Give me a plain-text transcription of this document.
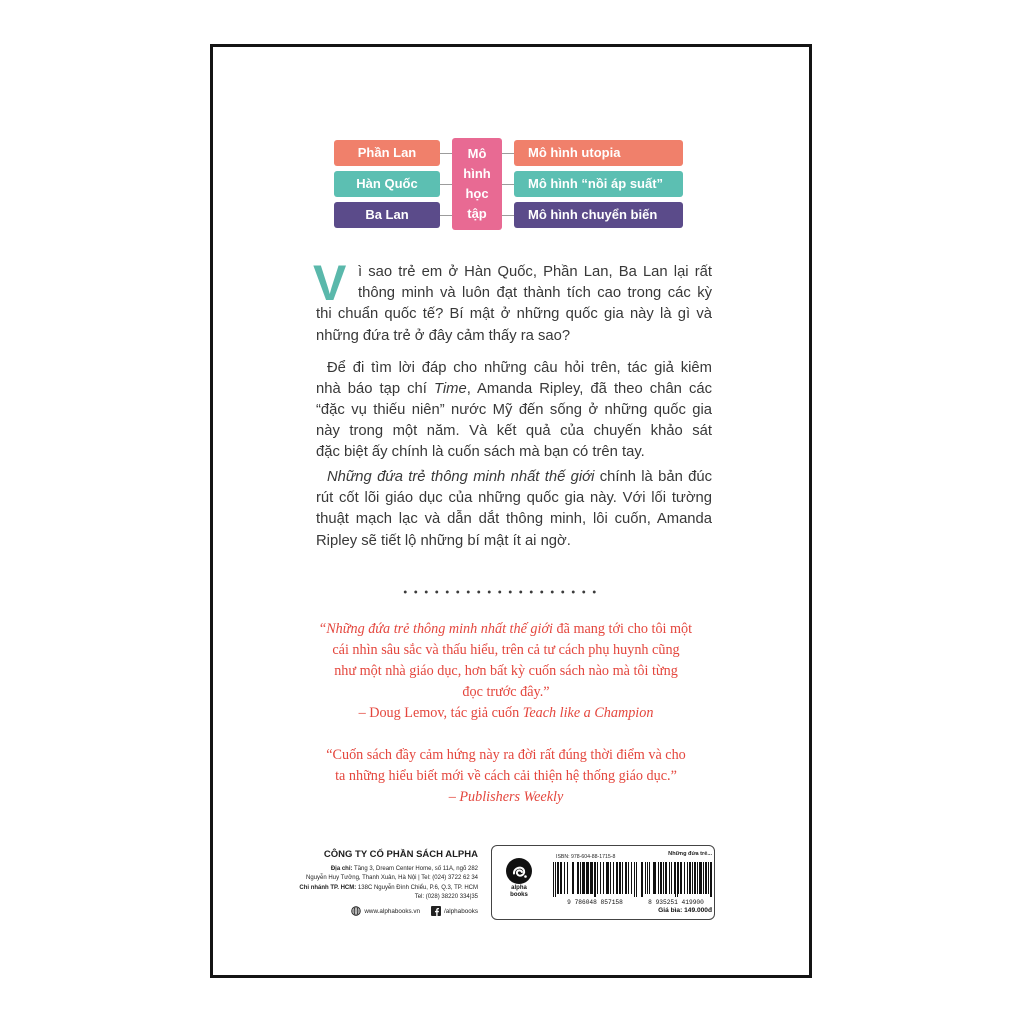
Phần Lan
Hàn Quốc
Ba Lan
Mô
hình
học
tập
Mô hình utopia
Mô hình “nồi áp suất”
Mô hình chuyển biến
V ì sao trẻ em ở Hàn Quốc, Phần Lan, Ba Lan lại rất
thông minh và luôn đạt thành tích cao trong các kỳ
thi chuẩn quốc tế? Bí mật ở những quốc gia này là gì và
những đứa trẻ ở đây cảm thấy ra sao?
Để đi tìm lời đáp cho những câu hỏi trên, tác giả kiêm
nhà báo tạp chí Time, Amanda Ripley, đã theo chân các
“đặc vụ thiếu niên” nước Mỹ đến sống ở những quốc gia
này trong một năm. Và kết quả của chuyến khảo sát
đặc biệt ấy chính là cuốn sách mà bạn có trên tay.
Những đứa trẻ thông minh nhất thế giới chính là bản đúc
rút cốt lõi giáo dục của những quốc gia này. Với lối tường
thuật mạch lạc và dẫn dắt thông minh, lôi cuốn, Amanda
Ripley sẽ tiết lộ những bí mật ít ai ngờ.
“Những đứa trẻ thông minh nhất thế giới đã mang tới cho tôi một
cái nhìn sâu sắc và thấu hiểu, trên cả tư cách phụ huynh cũng
như một nhà giáo dục, hơn bất kỳ cuốn sách nào mà tôi từng
đọc trước đây.”
– Doug Lemov, tác giả cuốn Teach like a Champion
“Cuốn sách đầy cảm hứng này ra đời rất đúng thời điểm và cho
ta những hiểu biết mới về cách cải thiện hệ thống giáo dục.”
– Publishers Weekly
CÔNG TY CỔ PHẦN SÁCH ALPHA
Địa chỉ: Tầng 3, Dream Center Home, số 11A, ngõ 282
Nguyễn Huy Tưởng, Thanh Xuân, Hà Nội | Tel: (024) 3722 62 34
Chi nhánh TP. HCM: 138C Nguyễn Đình Chiểu, P.6, Q.3, TP. HCM
Tel: (028) 38220 334|35
www.alphabooks.vn	/alphabooks
alpha
books
ISBN: 978-604-88-1715-8
9 786048 857158
Những đứa trẻ...
8 935251 419900
Giá bìa: 149.000đ
